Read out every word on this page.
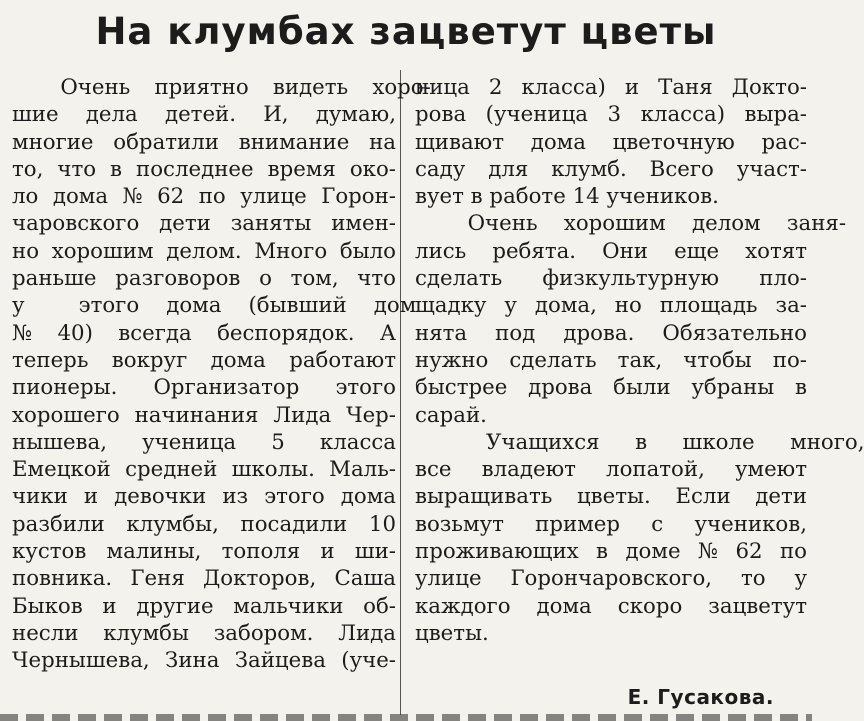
На клумбах зацветут цветы
Очень приятно видеть хоро-
шие дела детей. И, думаю,
многие обратили внимание на
то, что в последнее время око-
ло дома № 62 по улице Горон-
чаровского дети заняты имен-
но хорошим делом. Много было
раньше разговоров о том, что
у  этого дома (бывший дом
№ 40) всегда беспорядок. А
теперь вокруг дома работают
пионеры. Организатор этого
хорошего начинания Лида Чер-
нышева, ученица 5 класса
Емецкой средней школы. Маль-
чики и девочки из этого дома
разбили клумбы, посадили 10
кустов малины, тополя и ши-
повника. Геня Докторов, Саша
Быков и другие мальчики об-
несли клумбы забором. Лида
Чернышева, Зина Зайцева (уче-
ница 2 класса) и Таня Докто-
рова (ученица 3 класса) выра-
щивают дома цветочную рас-
саду для клумб. Всего участ-
вует в работе 14 учеников.
Очень хорошим делом заня-
лись ребята. Они еще хотят
сделать физкультурную пло-
щадку у дома, но площадь за-
нята под дрова. Обязательно
нужно сделать так, чтобы по-
быстрее дрова были убраны в
сарай.
Учащихся в школе много,
все владеют лопатой, умеют
выращивать цветы. Если дети
возьмут пример с учеников,
проживающих в доме № 62 по
улице Горончаровского, то у
каждого дома скоро зацветут
цветы.
Е. Гусакова.
